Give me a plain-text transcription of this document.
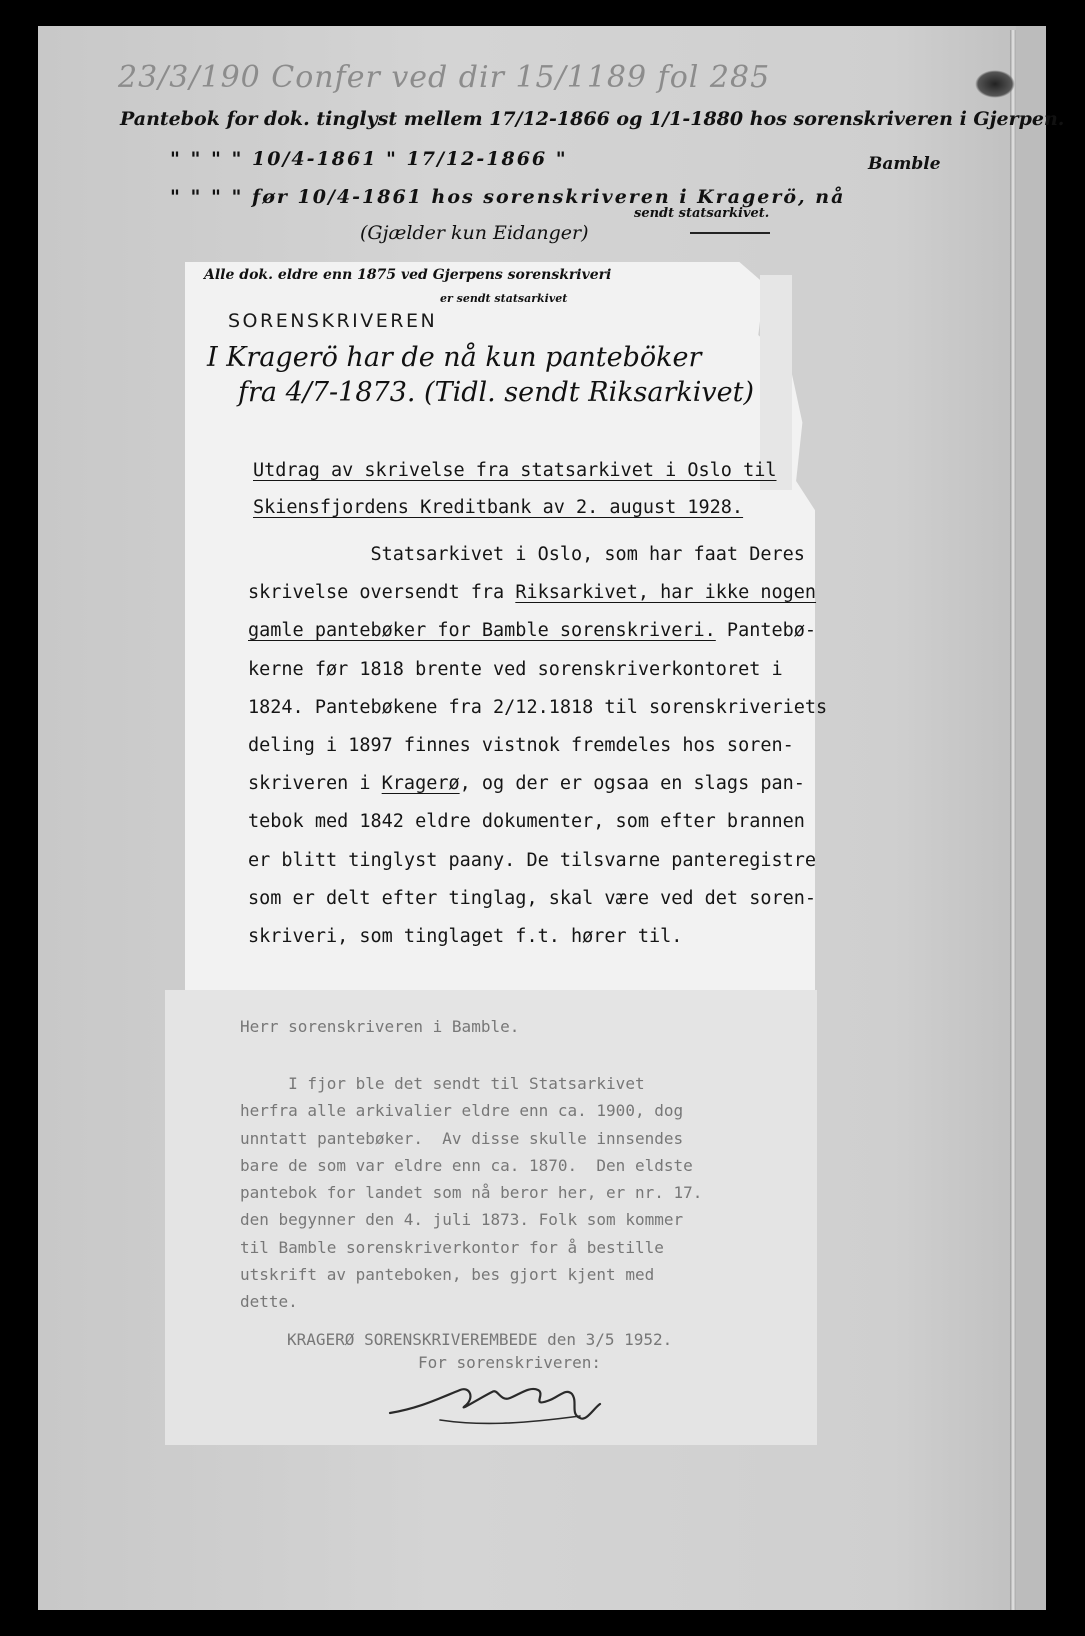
23/3/190 Confer ved dir 15/1189 fol 285

Pantebok for dok. tinglyst mellem 17/12-1866 og 1/1-1880 hos sorenskriveren i Gjerpen.

" " " " 10/4-1861 " 17/12-1866 "	Bamble

" " " " før 10/4-1861 hos sorenskriveren i Kragerö, nå

sendt statsarkivet.

(Gjælder kun Eidanger)

Alle dok. eldre enn 1875 ved Gjerpens sorenskriveri

er sendt statsarkivet

SORENSKRIVEREN

I Kragerö har de nå kun panteböker

fra 4/7-1873. (Tidl. sendt Riksarkivet)

Utdrag av skrivelse fra statsarkivet i Oslo til

Skiensfjordens Kreditbank av 2. august 1928.

Statsarkivet i Oslo, som har faat Deres
skrivelse oversendt fra Riksarkivet, har ikke nogen
gamle pantebøker for Bamble sorenskriveri. Pantebø-
kerne før 1818 brente ved sorenskriverkontoret i
1824. Pantebøkene fra 2/12.1818 til sorenskriveriets
deling i 1897 finnes vistnok fremdeles hos soren-
skriveren i Kragerø, og der er ogsaa en slags pan-
tebok med 1842 eldre dokumenter, som efter brannen
er blitt tinglyst paany. De tilsvarne panteregistre
som er delt efter tinglag, skal være ved det soren-
skriveri, som tinglaget f.t. hører til.

Herr sorenskriveren i Bamble.

I fjor ble det sendt til Statsarkivet
herfra alle arkivalier eldre enn ca. 1900, dog
unntatt pantebøker.  Av disse skulle innsendes
bare de som var eldre enn ca. 1870.  Den eldste
pantebok for landet som nå beror her, er nr. 17.
den begynner den 4. juli 1873. Folk som kommer
til Bamble sorenskriverkontor for å bestille
utskrift av panteboken, bes gjort kjent med
dette.

KRAGERØ SORENSKRIVEREMBEDE den 3/5 1952.

For sorenskriveren:
